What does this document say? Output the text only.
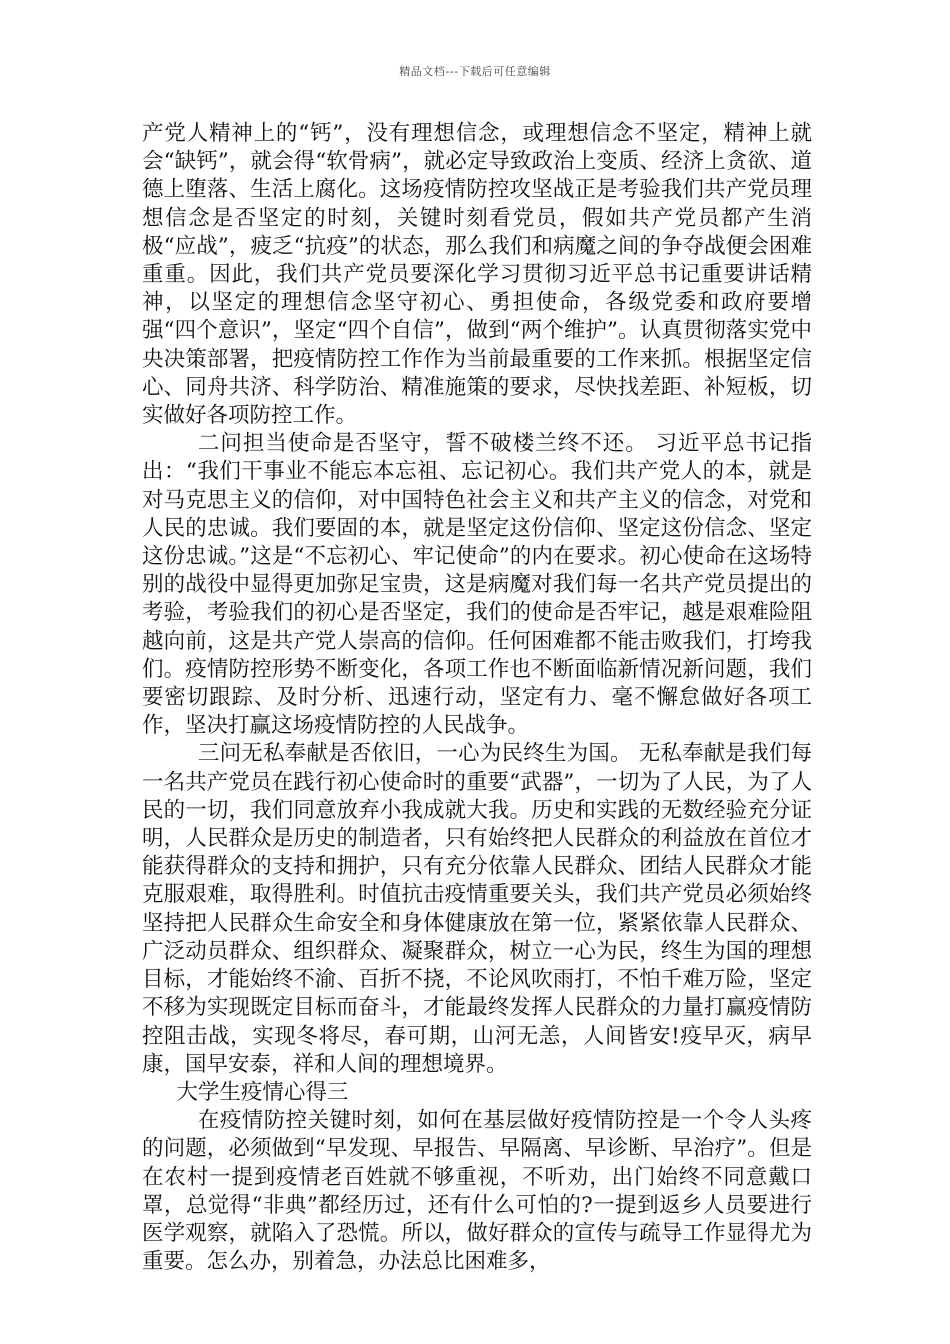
精品文档---下载后可任意编辑

产党人精神上的“钙”，没有理想信念，或理想信念不坚定，精神上就会“缺钙”，就会得“软骨病”，就必定导致政治上变质、经济上贪欲、道德上堕落、生活上腐化。这场疫情防控攻坚战正是考验我们共产党员理想信念是否坚定的时刻，关键时刻看党员，假如共产党员都产生消极“应战”，疲乏“抗疫”的状态，那么我们和病魔之间的争夺战便会困难重重。因此，我们共产党员要深化学习贯彻习近平总书记重要讲话精神，以坚定的理想信念坚守初心、勇担使命，各级党委和政府要增强“四个意识”，坚定“四个自信”，做到“两个维护”。认真贯彻落实党中央决策部署，把疫情防控工作作为当前最重要的工作来抓。根据坚定信心、同舟共济、科学防治、精准施策的要求，尽快找差距、补短板，切实做好各项防控工作。

二问担当使命是否坚守，誓不破楼兰终不还。 习近平总书记指出：“我们干事业不能忘本忘祖、忘记初心。我们共产党人的本，就是对马克思主义的信仰，对中国特色社会主义和共产主义的信念，对党和人民的忠诚。我们要固的本，就是坚定这份信仰、坚定这份信念、坚定这份忠诚。”这是“不忘初心、牢记使命”的内在要求。初心使命在这场特别的战役中显得更加弥足宝贵，这是病魔对我们每一名共产党员提出的考验，考验我们的初心是否坚定，我们的使命是否牢记，越是艰难险阻越向前，这是共产党人崇高的信仰。任何困难都不能击败我们，打垮我们。疫情防控形势不断变化，各项工作也不断面临新情况新问题，我们要密切跟踪、及时分析、迅速行动，坚定有力、毫不懈怠做好各项工作，坚决打赢这场疫情防控的人民战争。

三问无私奉献是否依旧，一心为民终生为国。 无私奉献是我们每一名共产党员在践行初心使命时的重要“武器”，一切为了人民，为了人民的一切，我们同意放弃小我成就大我。历史和实践的无数经验充分证明，人民群众是历史的制造者，只有始终把人民群众的利益放在首位才能获得群众的支持和拥护，只有充分依靠人民群众、团结人民群众才能克服艰难，取得胜利。时值抗击疫情重要关头，我们共产党员必须始终坚持把人民群众生命安全和身体健康放在第一位，紧紧依靠人民群众、广泛动员群众、组织群众、凝聚群众，树立一心为民，终生为国的理想目标，才能始终不渝、百折不挠，不论风吹雨打，不怕千难万险，坚定不移为实现既定目标而奋斗，才能最终发挥人民群众的力量打赢疫情防控阻击战，实现冬将尽，春可期，山河无恙，人间皆安!疫早灭，病早康，国早安泰，祥和人间的理想境界。

大学生疫情心得三

在疫情防控关键时刻，如何在基层做好疫情防控是一个令人头疼的问题，必须做到“早发现、早报告、早隔离、早诊断、早治疗”。但是在农村一提到疫情老百姓就不够重视，不听劝，出门始终不同意戴口罩，总觉得“非典”都经历过，还有什么可怕的?一提到返乡人员要进行医学观察，就陷入了恐慌。所以，做好群众的宣传与疏导工作显得尤为重要。怎么办，别着急，办法总比困难多，
